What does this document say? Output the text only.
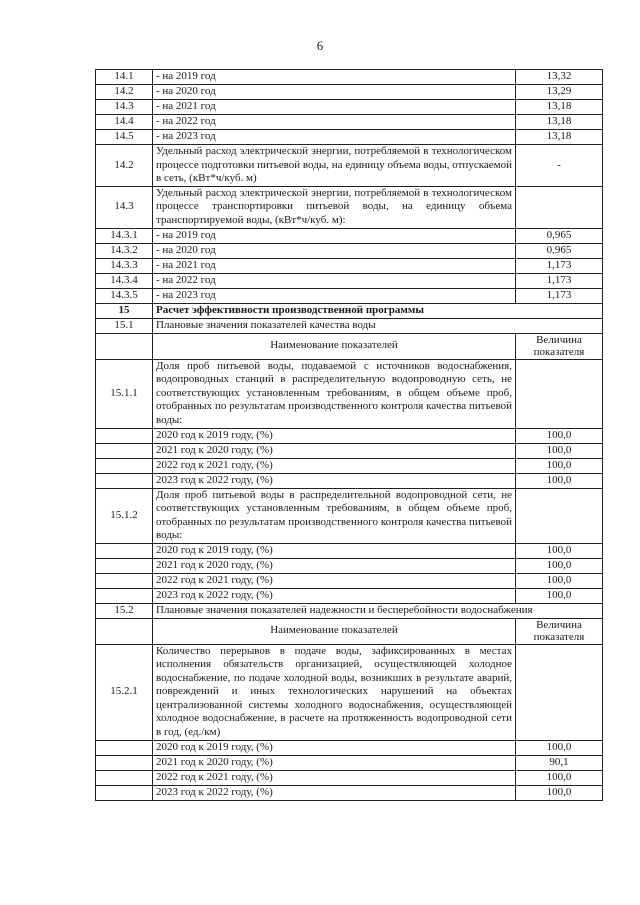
6
14.1	- на 2019 год	13,32
14.2	- на 2020 год	13,29
14.3	- на 2021 год	13,18
14.4	- на 2022 год	13,18
14.5	- на 2023 год	13,18
14.2	Удельный расход электрической энергии, потребляемой в технологическом процессе подготовки питьевой воды, на единицу объема воды, отпускаемой в сеть, (кВт*ч/куб. м)	-
14.3	Удельный расход электрической энергии, потребляемой в технологическом процессе транспортировки питьевой воды, на единицу объема транспортируемой воды, (кВт*ч/куб. м):	
14.3.1	- на 2019 год	0,965
14.3.2	- на 2020 год	0,965
14.3.3	- на 2021 год	1,173
14.3.4	- на 2022 год	1,173
14.3.5	- на 2023 год	1,173
15	Расчет эффективности производственной программы	
15.1	Плановые значения показателей качества воды	
	Наименование показателей	Величина показателя
15.1.1	Доля проб питьевой воды, подаваемой с источников водоснабжения, водопроводных станций в распределительную водопроводную сеть, не соответствующих установленным требованиям, в общем объеме проб, отобранных по результатам производственного контроля качества питьевой воды:	
	2020 год к 2019 году, (%)	100,0
	2021 год к 2020 году, (%)	100,0
	2022 год к 2021 году, (%)	100,0
	2023 год к 2022 году, (%)	100,0
15.1.2	Доля проб питьевой воды в распределительной водопроводной сети, не соответствующих установленным требованиям, в общем объеме проб, отобранных по результатам производственного контроля качества питьевой воды:	
	2020 год к 2019 году, (%)	100,0
	2021 год к 2020 году, (%)	100,0
	2022 год к 2021 году, (%)	100,0
	2023 год к 2022 году, (%)	100,0
15.2	Плановые значения показателей надежности и бесперебойности водоснабжения	
	Наименование показателей	Величина показателя
15.2.1	Количество перерывов в подаче воды, зафиксированных в местах исполнения обязательств организацией, осуществляющей холодное водоснабжение, по подаче холодной воды, возникших в результате аварий, повреждений и иных технологических нарушений на объектах централизованной системы холодного водоснабжения, осуществляющей холодное водоснабжение, в расчете на протяженность водопроводной сети в год, (ед./км)	
	2020 год к 2019 году, (%)	100,0
	2021 год к 2020 году, (%)	90,1
	2022 год к 2021 году, (%)	100,0
	2023 год к 2022 году, (%)	100,0
